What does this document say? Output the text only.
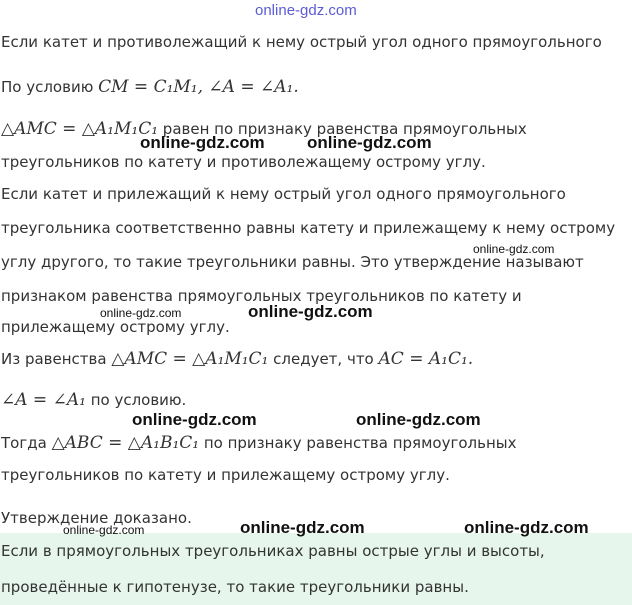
online-gdz.com
Если катет и противолежащий к нему острый угол одного прямоугольного
По условию CM = C₁M₁, ∠A = ∠A₁.
△AMC = △A₁M₁C₁ равен по признаку равенства прямоугольных
треугольников по катету и противолежащему острому углу.
Если катет и прилежащий к нему острый угол одного прямоугольного
треугольника соответственно равны катету и прилежащему к нему острому
углу другого, то такие треугольники равны. Это утверждение называют
признаком равенства прямоугольных треугольников по катету и
прилежащему острому углу.
Из равенства △AMC = △A₁M₁C₁ следует, что AC = A₁C₁.
∠A = ∠A₁ по условию.
Тогда △ABC = △A₁B₁C₁ по признаку равенства прямоугольных
треугольников по катету и прилежащему острому углу.
Утверждение доказано.
Если в прямоугольных треугольниках равны острые углы и высоты,
проведённые к гипотенузе, то такие треугольники равны.
online-gdz.com online-gdz.com
online-gdz.com
online-gdz.com	online-gdz.com
online-gdz.com	online-gdz.com
online-gdz.com	online-gdz.com	online-gdz.com
